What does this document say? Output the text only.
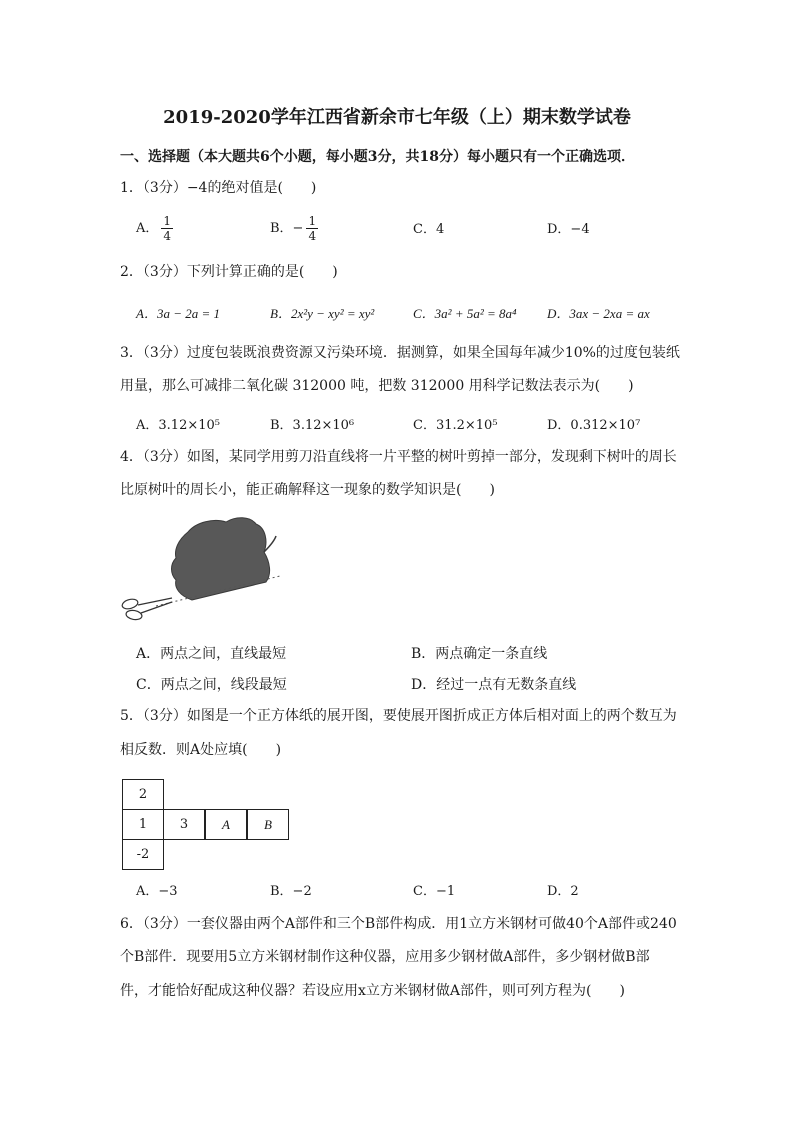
2019-2020学年江西省新余市七年级（上）期末数学试卷
一、选择题（本大题共6个小题，每小题3分，共18分）每小题只有一个正确选项．
1．（3分）−4的绝对值是(　　)
A． $\frac{1}{4}$	B．− $\frac{1}{4}$	C．4	D．−4
2．（3分）下列计算正确的是(　　)
A．3a − 2a = 1	B．2x²y − xy² = xy²	C．3a² + 5a² = 8a⁴ D．3ax − 2xa = ax
3．（3分）过度包装既浪费资源又污染环境．据测算，如果全国每年减少10%的过度包装纸
用量，那么可减排二氧化碳 312000 吨，把数 312000 用科学记数法表示为(　　)
A．3.12×10⁵	B．3.12×10⁶	C．31.2×10⁵	D．0.312×10⁷
4．（3分）如图，某同学用剪刀沿直线将一片平整的树叶剪掉一部分，发现剩下树叶的周长
比原树叶的周长小，能正确解释这一现象的数学知识是(　　)
A．两点之间，直线最短	B．两点确定一条直线
C．两点之间，线段最短	D．经过一点有无数条直线
5．（3分）如图是一个正方体纸的展开图，要使展开图折成正方体后相对面上的两个数互为
相反数．则A处应填(　　)
2
1	3	A	B
-2
A．−3	B．−2	C．−1	D．2
6．（3分）一套仪器由两个A部件和三个B部件构成．用1立方米钢材可做40个A部件或240
个B部件．现要用5立方米钢材制作这种仪器，应用多少钢材做A部件，多少钢材做B部
件，才能恰好配成这种仪器？若设应用x立方米钢材做A部件，则可列方程为(　　)
